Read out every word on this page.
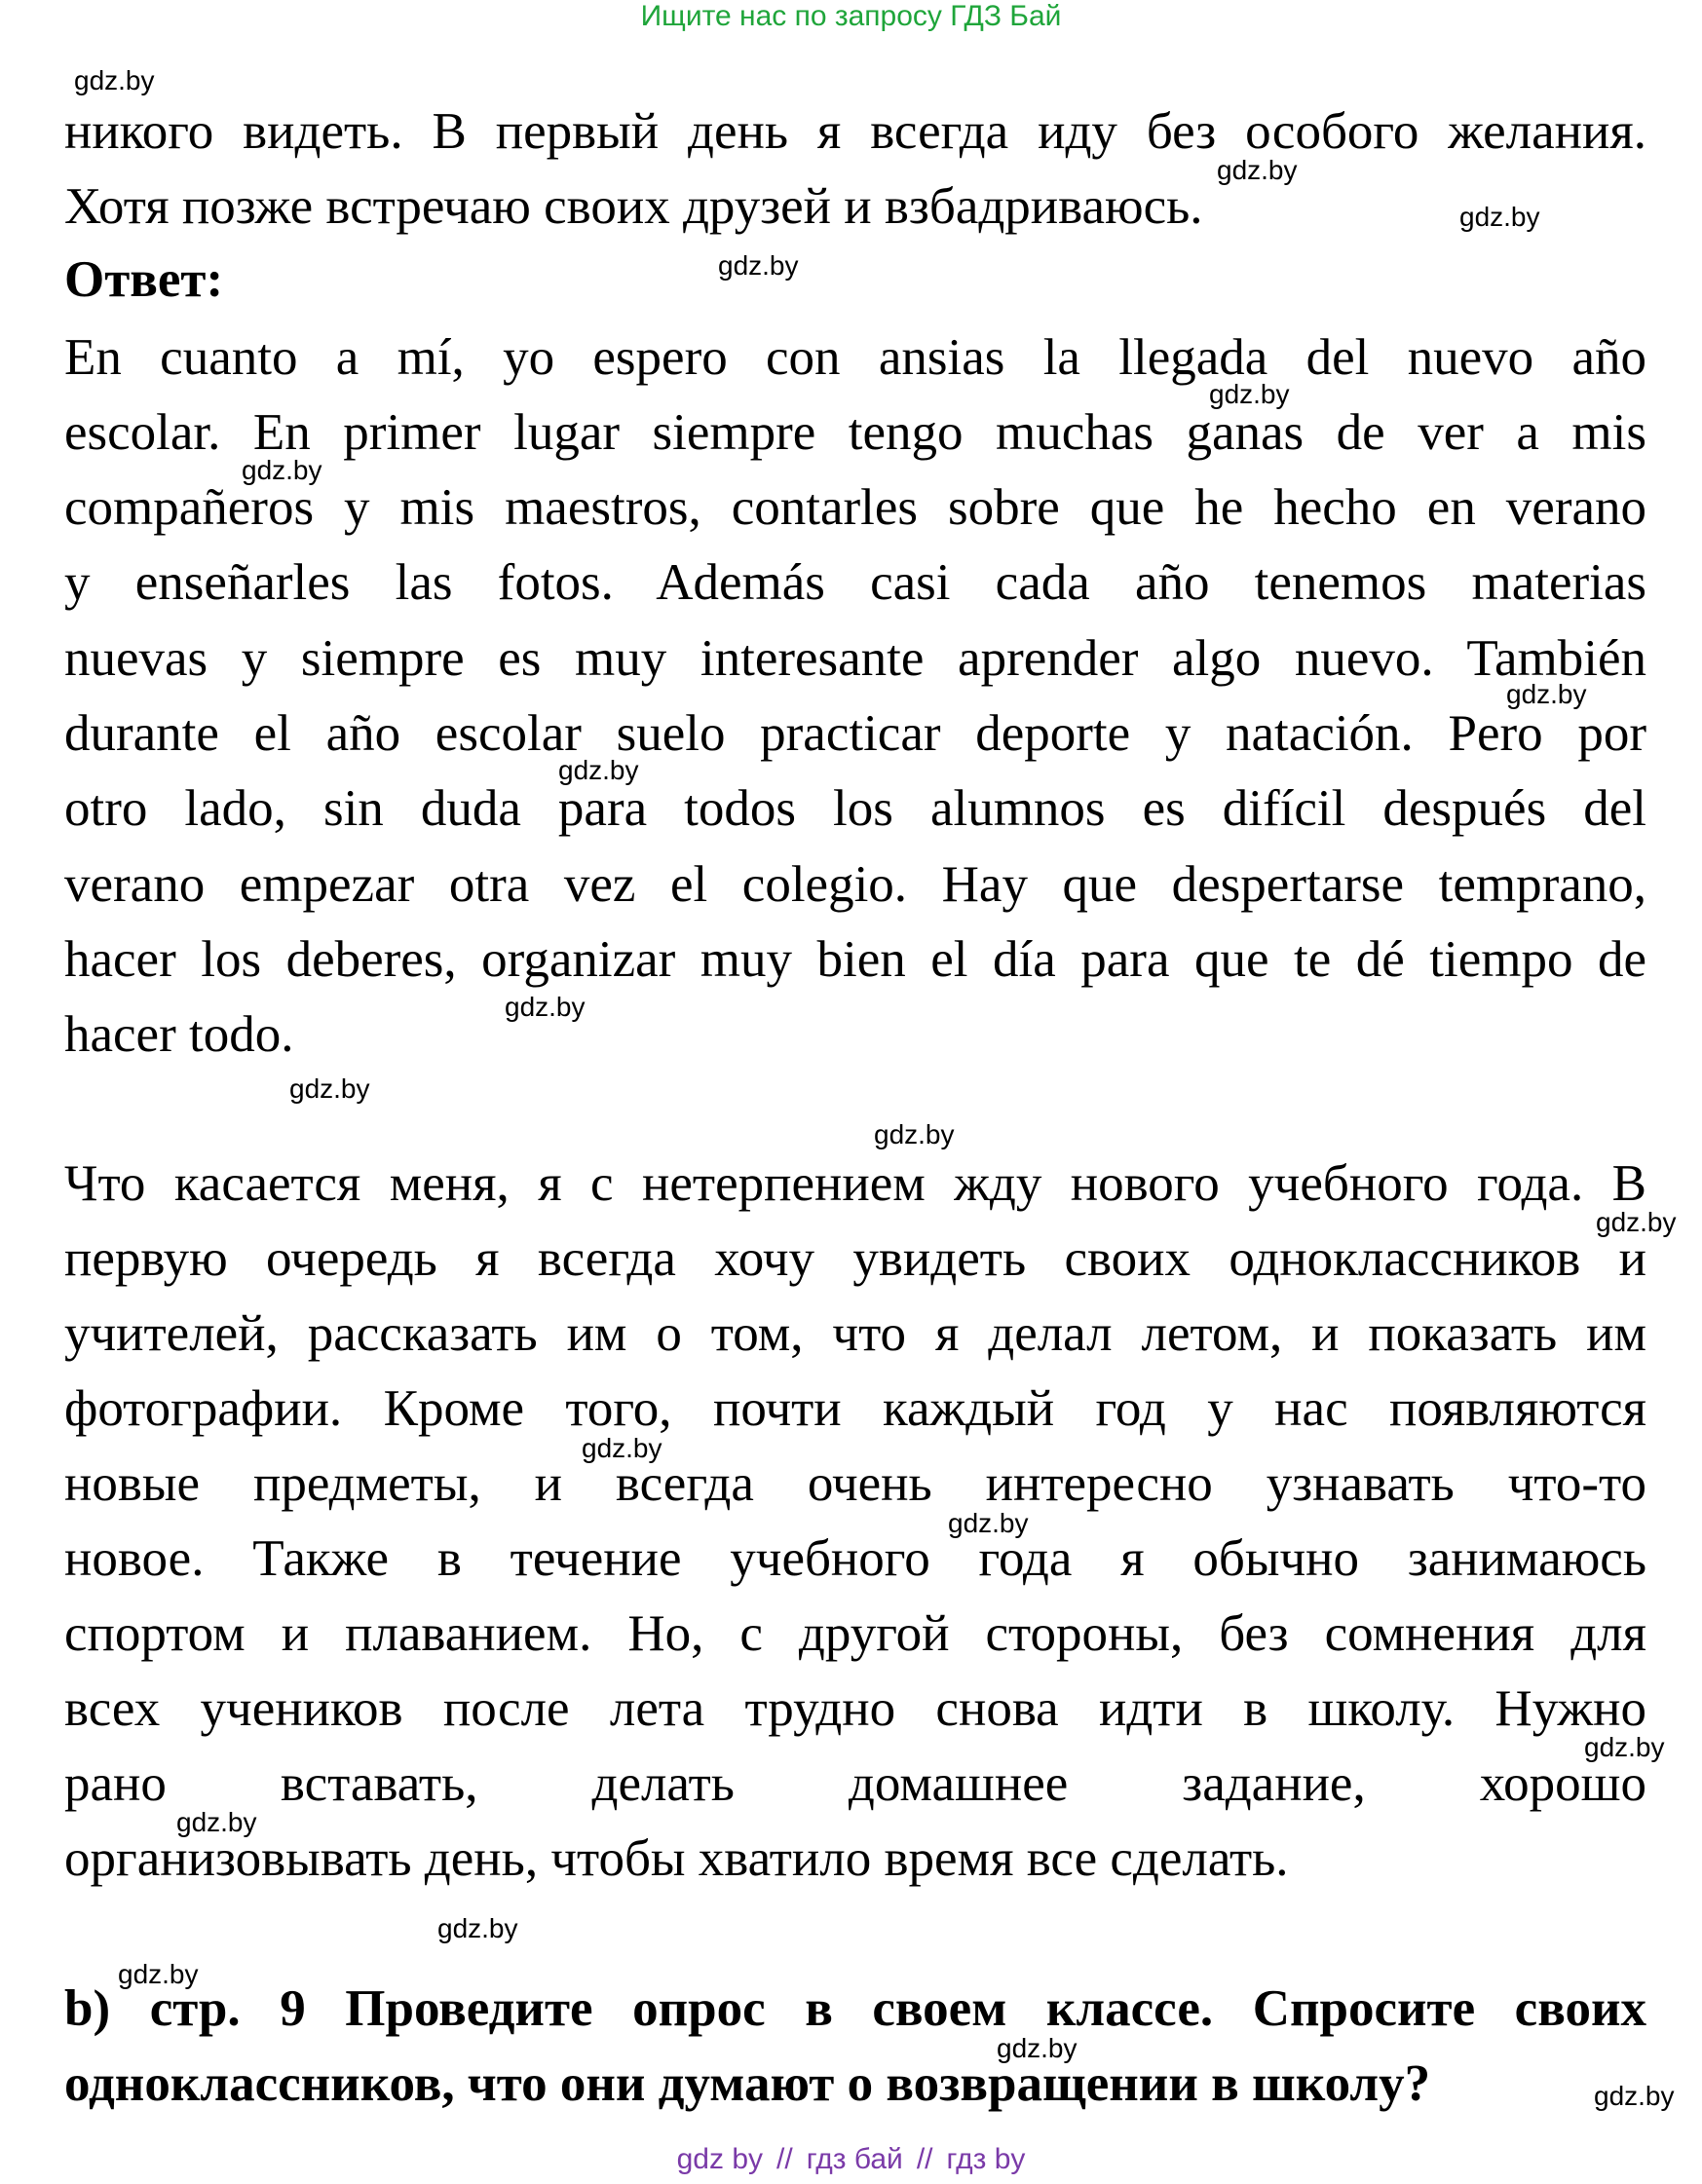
Ищите нас по запросу ГДЗ Бай
никого видеть. В первый день я всегда иду без особого желания.
Хотя позже встречаю своих друзей и взбадриваюсь.
Ответ:
En cuanto a mí, yo espero con ansias la llegada del nuevo año
escolar. En primer lugar siempre tengo muchas ganas de ver a mis
compañeros y mis maestros, contarles sobre que he hecho en verano
y enseñarles las fotos. Además casi cada año tenemos materias
nuevas y siempre es muy interesante aprender algo nuevo. También
durante el año escolar suelo practicar deporte y natación. Pero por
otro lado, sin duda para todos los alumnos es difícil después del
verano empezar otra vez el colegio. Hay que despertarse temprano,
hacer los deberes, organizar muy bien el día para que te dé tiempo de
hacer todo.
Что касается меня, я с нетерпением жду нового учебного года. В
первую очередь я всегда хочу увидеть своих одноклассников и
учителей, рассказать им о том, что я делал летом, и показать им
фотографии. Кроме того, почти каждый год у нас появляются
новые предметы, и всегда очень интересно узнавать что-то
новое. Также в течение учебного года я обычно занимаюсь
спортом и плаванием. Но, с другой стороны, без сомнения для
всех учеников после лета трудно снова идти в школу. Нужно
рано вставать, делать домашнее задание, хорошо
организовывать день, чтобы хватило время все сделать.
b) стр. 9 Проведите опрос в своем классе. Спросите своих
одноклассников, что они думают о возвращении в школу?
gdz.by
gdz.by
gdz.by
gdz.by
gdz.by
gdz.by
gdz.by
gdz.by
gdz.by
gdz.by
gdz.by
gdz.by
gdz.by
gdz.by
gdz.by
gdz.by
gdz.by
gdz.by
gdz.by
gdz.by
gdz by // гдз бай // гдз by
